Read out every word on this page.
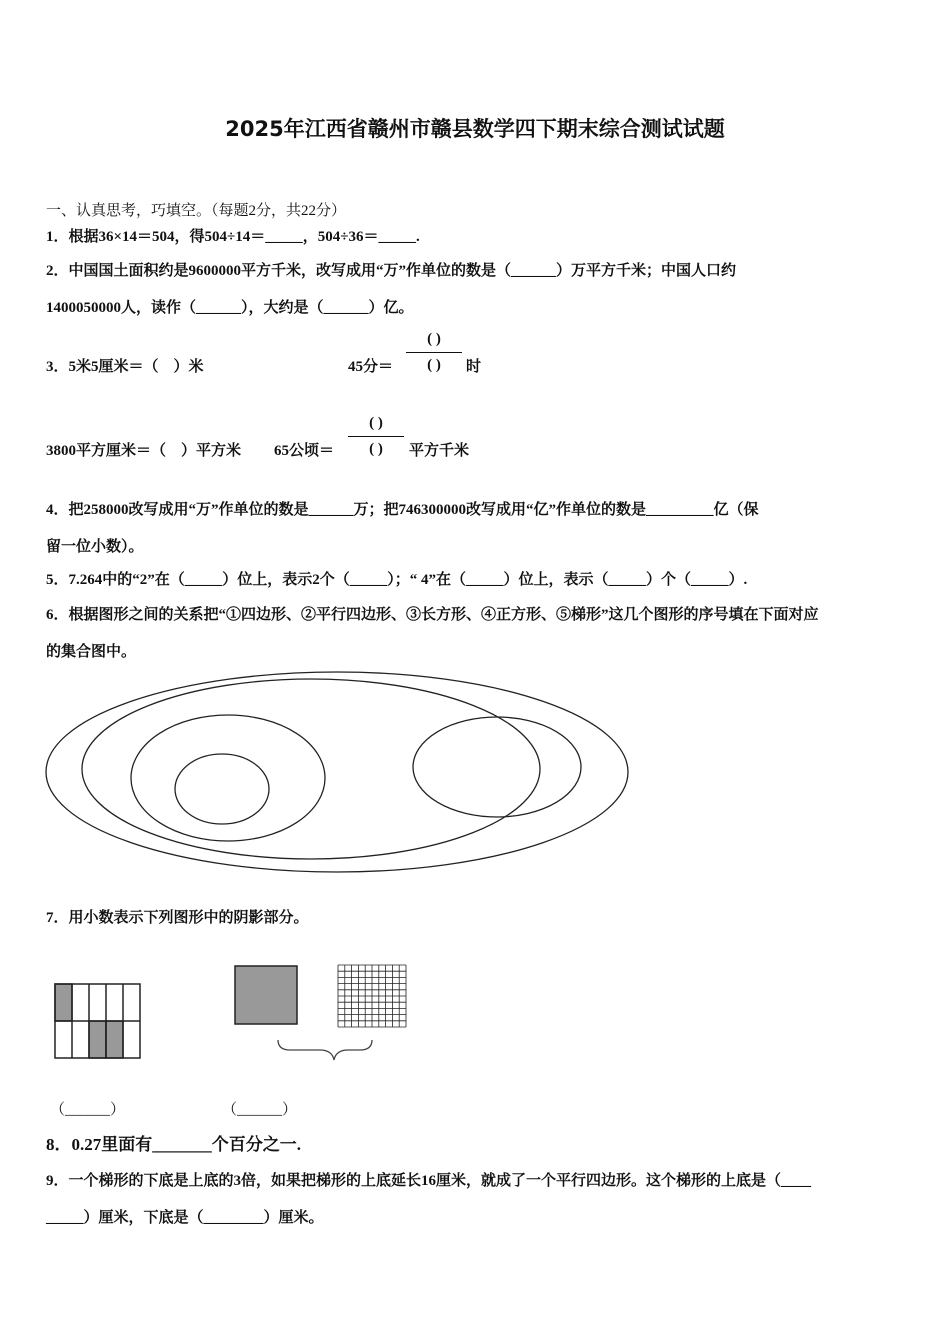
2025年江西省赣州市赣县数学四下期末综合测试试题
一、认真思考，巧填空。（每题2分，共22分）
1．根据36×14＝504，得504÷14＝_____，504÷36＝_____.
2．中国国土面积约是9600000平方千米，改写成用“万”作单位的数是（______）万平方千米；中国人口约
1400050000人，读作（______），大约是（______）亿。
3．5米5厘米＝（　）米	45分＝
( )
( )	时
3800平方厘米＝（　）平方米 65公顷＝
( )
( )	平方千米
4．把258000改写成用“万”作单位的数是______万；把746300000改写成用“亿”作单位的数是_________亿（保
留一位小数）。
5．7.264中的“2”在（_____）位上，表示2个（_____）；“ 4”在（_____）位上，表示（_____）个（_____）.
6．根据图形之间的关系把“①四边形、②平行四边形、③长方形、④正方形、⑤梯形”这几个图形的序号填在下面对应
的集合图中。
7．用小数表示下列图形中的阴影部分。
（______）	（______）
8．0.27里面有_______个百分之一.
9．一个梯形的下底是上底的3倍，如果把梯形的上底延长16厘米，就成了一个平行四边形。这个梯形的上底是（____
_____）厘米，下底是（________）厘米。
